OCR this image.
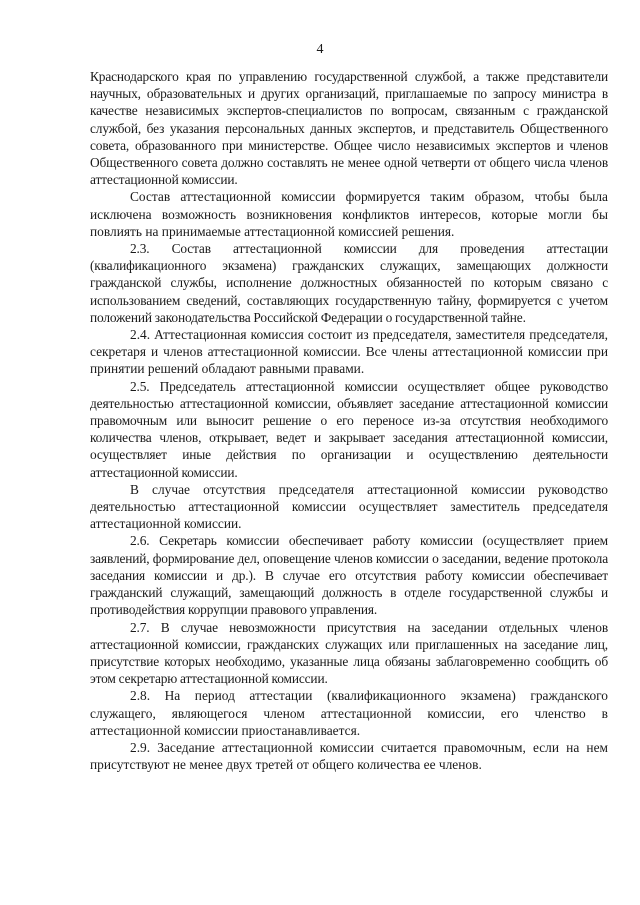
4

Краснодарского края по управлению государственной службой, а также представители научных, образовательных и других организаций, приглашаемые по запросу министра в качестве независимых экспертов-специалистов по вопросам, связанным с гражданской службой, без указания персональных данных экспертов, и представитель Общественного совета, образованного при министерстве. Общее число независимых экспертов и членов Общественного совета должно составлять не менее одной четверти от общего числа членов аттестационной комиссии.

Состав аттестационной комиссии формируется таким образом, чтобы была исключена возможность возникновения конфликтов интересов, которые могли бы повлиять на принимаемые аттестационной комиссией решения.

2.3. Состав аттестационной комиссии для проведения аттестации (квалификационного экзамена) гражданских служащих, замещающих должности гражданской службы, исполнение должностных обязанностей по которым связано с использованием сведений, составляющих государственную тайну, формируется с учетом положений законодательства Российской Федерации о государственной тайне.

2.4. Аттестационная комиссия состоит из председателя, заместителя председателя, секретаря и членов аттестационной комиссии. Все члены аттестационной комиссии при принятии решений обладают равными правами.

2.5. Председатель аттестационной комиссии осуществляет общее руководство деятельностью аттестационной комиссии, объявляет заседание аттестационной комиссии правомочным или выносит решение о его переносе из-за отсутствия необходимого количества членов, открывает, ведет и закрывает заседания аттестационной комиссии, осуществляет иные действия по организации и осуществлению деятельности аттестационной комиссии.

В случае отсутствия председателя аттестационной комиссии руководство деятельностью аттестационной комиссии осуществляет заместитель председателя аттестационной комиссии.

2.6. Секретарь комиссии обеспечивает работу комиссии (осуществляет прием заявлений, формирование дел, оповещение членов комиссии о заседании, ведение протокола заседания комиссии и др.). В случае его отсутствия работу комиссии обеспечивает гражданский служащий, замещающий должность в отделе государственной службы и противодействия коррупции правового управления.

2.7. В случае невозможности присутствия на заседании отдельных членов аттестационной комиссии, гражданских служащих или приглашенных на заседание лиц, присутствие которых необходимо, указанные лица обязаны заблаговременно сообщить об этом секретарю аттестационной комиссии.

2.8. На период аттестации (квалификационного экзамена) гражданского служащего, являющегося членом аттестационной комиссии, его членство в аттестационной комиссии приостанавливается.

2.9. Заседание аттестационной комиссии считается правомочным, если на нем присутствуют не менее двух третей от общего количества ее членов.
